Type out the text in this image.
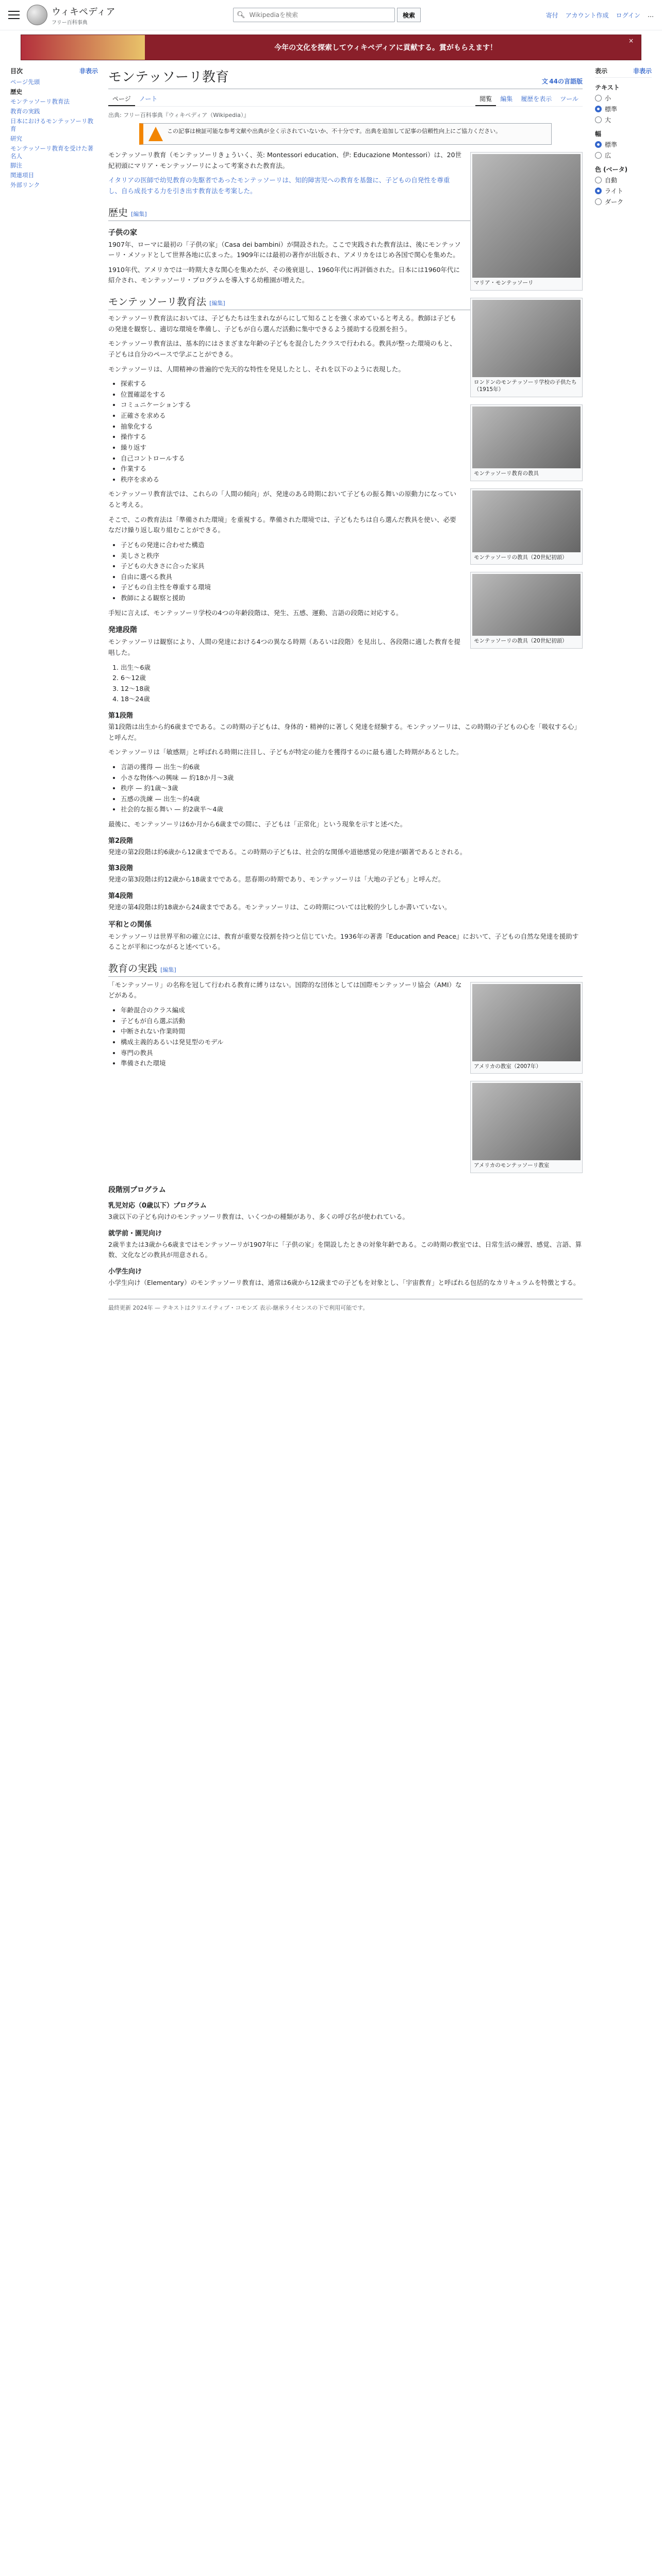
ウィキペディア
フリー百科事典
🔍︎
Wikipediaを検索	検索	寄付 アカウント作成 ログイン …
今年の文化を探索してウィキペディアに貢献する。賞がもらえます！
×
目次	非表示
ページ先頭
歴史
モンテッソーリ教育法
教育の実践
日本におけるモンテッソーリ教育
研究
モンテッソーリ教育を受けた著名人
脚注
関連項目
外部リンク
モンテッソーリ教育	文 44の言語版
ページ	ノート	閲覧	編集	履歴を表示	ツール
出典: フリー百科事典『ウィキペディア（Wikipedia）』
この記事は検証可能な参考文献や出典が全く示されていないか、不十分です。出典を追加して記事の信頼性向上にご協力ください。
マリア・モンテッソーリ

モンテッソーリ教育（モンテッソーリきょういく、英: Montessori education、伊: Educazione Montessori）は、20世紀初頭にマリア・モンテッソーリによって考案された教育法。

イタリアの医師で幼児教育の先駆者であったモンテッソーリは、知的障害児への教育を基盤に、子どもの自発性を尊重し、自ら成長する力を引き出す教育法を考案した。

歴史 [編集]
子供の家
ロンドンのモンテッソーリ学校の子供たち（1915年）

1907年、ローマに最初の「子供の家」（Casa dei bambini）が開設された。ここで実践された教育法は、後にモンテッソーリ・メソッドとして世界各地に広まった。1909年には最初の著作が出版され、アメリカをはじめ各国で関心を集めた。

1910年代、アメリカでは一時期大きな関心を集めたが、その後衰退し、1960年代に再評価された。日本には1960年代に紹介され、モンテッソーリ・プログラムを導入する幼稚園が増えた。

モンテッソーリ教育法 [編集]
モンテッソーリ教育の教具
モンテッソーリの教具（20世紀初頭）
モンテッソーリの教具（20世紀初頭）

モンテッソーリ教育法においては、子どもたちは生まれながらにして知ることを強く求めていると考える。教師は子どもの発達を観察し、適切な環境を準備し、子どもが自ら選んだ活動に集中できるよう援助する役割を担う。

モンテッソーリ教育法は、基本的にはさまざまな年齢の子どもを混合したクラスで行われる。教具が整った環境のもと、子どもは自分のペースで学ぶことができる。

モンテッソーリは、人間精神の普遍的で先天的な特性を発見したとし、それを以下のように表現した。

• 探索する
• 位置確認をする
• コミュニケーションする
• 正確さを求める
• 抽象化する
• 操作する
• 繰り返す
• 自己コントロールする
• 作業する
• 秩序を求める

モンテッソーリ教育法では、これらの「人間の傾向」が、発達のある時期において子どもの振る舞いの原動力になっていると考える。

そこで、この教育法は「準備された環境」を重視する。準備された環境では、子どもたちは自ら選んだ教具を使い、必要なだけ繰り返し取り組むことができる。

• 子どもの発達に合わせた構造
• 美しさと秩序
• 子どもの大きさに合った家具
• 自由に選べる教具
• 子どもの自主性を尊重する環境
• 教師による観察と援助

手短に言えば、モンテッソーリ学校の4つの年齢段階は、発生、五感、運動、言語の段階に対応する。

発達段階

モンテッソーリは観察により、人間の発達における4つの異なる時期（あるいは段階）を見出し、各段階に適した教育を提唱した。

1. 出生〜6歳
2. 6〜12歳
3. 12〜18歳
4. 18〜24歳
第1段階

第1段階は出生から約6歳までである。この時期の子どもは、身体的・精神的に著しく発達を経験する。モンテッソーリは、この時期の子どもの心を「吸収する心」と呼んだ。

モンテッソーリは「敏感期」と呼ばれる時期に注目し、子どもが特定の能力を獲得するのに最も適した時期があるとした。

• 言語の獲得 — 出生〜約6歳
• 小さな物体への興味 — 約18か月〜3歳
• 秩序 — 約1歳〜3歳
• 五感の洗練 — 出生〜約4歳
• 社会的な振る舞い — 約2歳半〜4歳

最後に、モンテッソーリは6か月から6歳までの間に、子どもは「正常化」という現象を示すと述べた。

第2段階

発達の第2段階は約6歳から12歳までである。この時期の子どもは、社会的な関係や道徳感覚の発達が顕著であるとされる。

第3段階

発達の第3段階は約12歳から18歳までである。思春期の時期であり、モンテッソーリは「大地の子ども」と呼んだ。

第4段階

発達の第4段階は約18歳から24歳までである。モンテッソーリは、この時期については比較的少ししか書いていない。

平和との関係

モンテッソーリは世界平和の確立には、教育が重要な役割を持つと信じていた。1936年の著書『Education and Peace』において、子どもの自然な発達を援助することが平和につながると述べている。

教育の実践 [編集]
アメリカの教室（2007年）
アメリカのモンテッソーリ教室

「モンテッソーリ」の名称を冠して行われる教育に縛りはない。国際的な団体としては国際モンテッソーリ協会（AMI）などがある。

• 年齢混合のクラス編成
• 子どもが自ら選ぶ活動
• 中断されない作業時間
• 構成主義的あるいは発見型のモデル
• 専門の教具
• 準備された環境
段階別プログラム
乳児対応（0歳以下）プログラム

3歳以下の子ども向けのモンテッソーリ教育は、いくつかの種類があり、多くの呼び名が使われている。

就学前・園児向け

2歳半または3歳から6歳まではモンテッソーリが1907年に「子供の家」を開設したときの対象年齢である。この時期の教室では、日常生活の練習、感覚、言語、算数、文化などの教具が用意される。

小学生向け

小学生向け（Elementary）のモンテッソーリ教育は、通常は6歳から12歳までの子どもを対象とし、「宇宙教育」と呼ばれる包括的なカリキュラムを特徴とする。

最終更新 2024年 — テキストはクリエイティブ・コモンズ 表示-継承ライセンスの下で利用可能です。
表示	非表示
テキスト
小
標準
大
幅
標準
広
色 (ベータ)
自動
ライト
ダーク
